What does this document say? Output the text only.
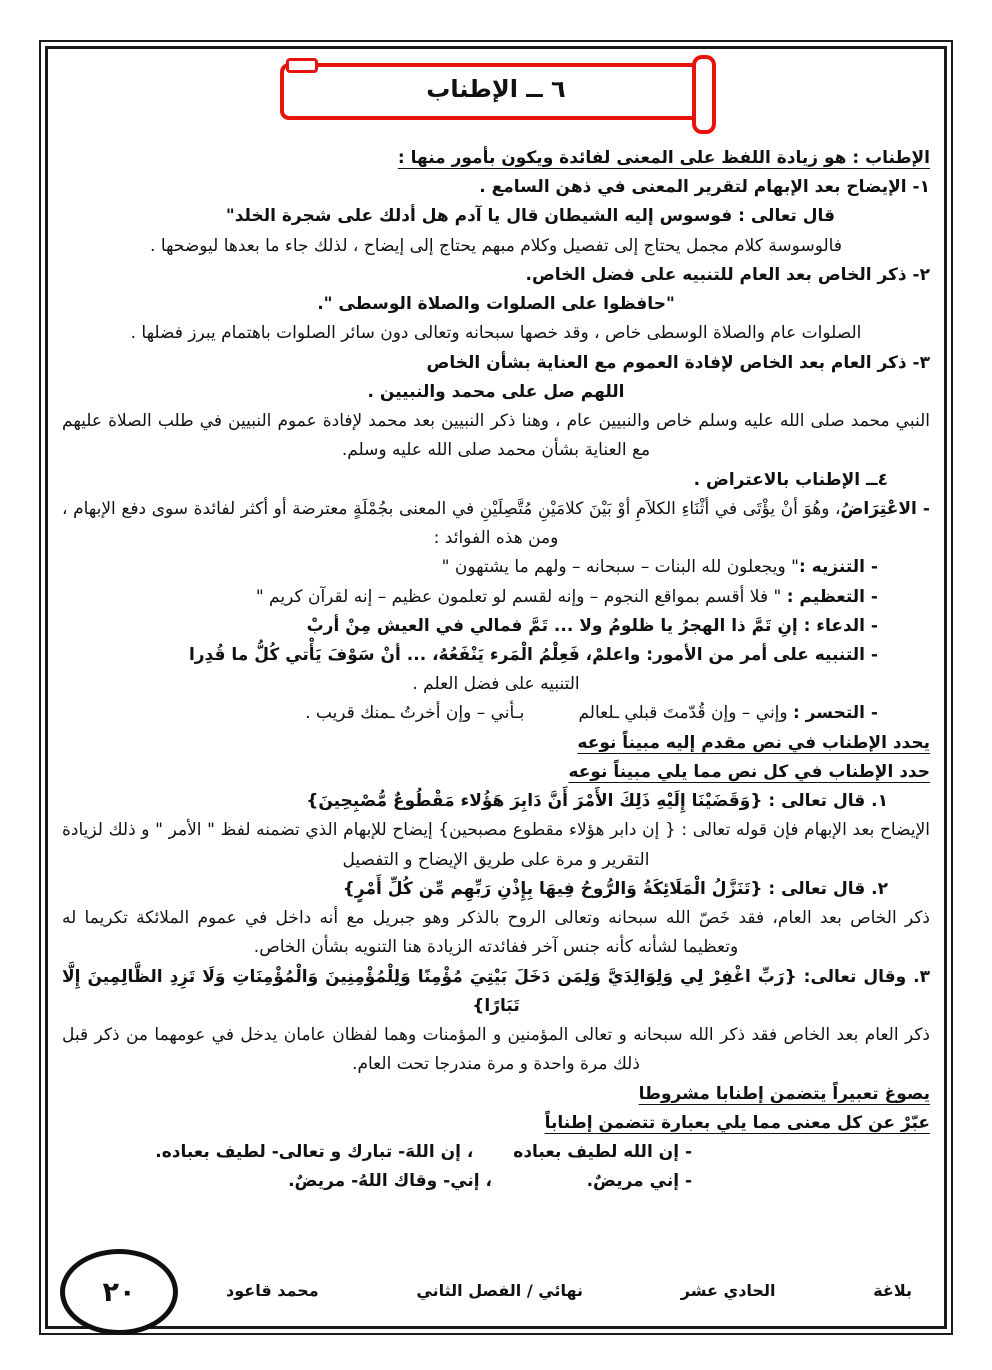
٦ ــ الإطناب
الإطناب : هو زيادة اللفظ على المعنى لفائدة ويكون بأمور منها :
١- الإيضاح بعد الإبهام لتقرير المعنى في ذهن السامع .
قال تعالى : فوسوس إليه الشيطان قال يا آدم هل أدلك على شجرة الخلد"
فالوسوسة كلام مجمل يحتاج إلى تفصيل وكلام مبهم يحتاج إلى إيضاح ، لذلك جاء ما بعدها ليوضحها .
٢- ذكر الخاص بعد العام للتنبيه على فضل الخاص.
"حافظوا على الصلوات والصلاة الوسطى ".
الصلوات عام والصلاة الوسطى خاص ، وقد خصها سبحانه وتعالى دون سائر الصلوات باهتمام يبرز فضلها .
٣- ذكر العام بعد الخاص لإفادة العموم مع العناية بشأن الخاص
اللهم صل على محمد والنبيين .
النبي محمد صلى الله عليه وسلم خاص والنبيين عام ، وهنا ذكر النبيين بعد محمد لإفادة عموم النبيين في طلب الصلاة عليهم مع العناية بشأن محمد صلى الله عليه وسلم.
٤ــ الإطناب بالاعتراض .
- الاعْتِرَاضُ، وهُوَ أنْ يؤْتَى في أثْنَاءِ الكلاَمِ أوْ بَيْنَ كلامَيْنِ مُتَّصِلَيْنِ في المعنى بجُمْلَةٍ معترضة أو أكثر لفائدة سوى دفع الإبهام ، ومن هذه الفوائد :
- التنزيه :" ويجعلون لله البنات – سبحانه – ولهم ما يشتهون "
- التعظيم : " فلا أقسم بمواقع النجوم – وإنه لقسم لو تعلمون عظيم – إنه لقرآن كريم "
- الدعاء : إنِ تَمَّ ذا الهجرُ يا ظلومُ ولا ... تَمَّ فمالي في العيش مِنْ أربْ
- التنبيه على أمر من الأمور: واعلمْ، فَعِلْمُ الْمَرء يَنْفَعُهُ، ... أنْ سَوْفَ يَأْتي كُلُّ ما قُدِرا
التنبيه على فضل العلم .
- التحسر : وإني – وإن قُدّمتَ قبلي ـلعالم          بـأني – وإن أخرتُ ـمنك قريب .
يحدد الإطناب في نص مقدم إليه مبيناً نوعه
حدد الإطناب في كل نص مما يلي مبيناً نوعه
١. قال تعالى : {وَقَضَيْنَا إِلَيْهِ ذَلِكَ الأَمْرَ أَنَّ دَابِرَ هَؤُلاء مَقْطُوعٌ مُّصْبِحِينَ}
الإيضاح بعد الإبهام فإن قوله تعالى : { إن دابر هؤلاء مقطوع مصبحين} إيضاح للإبهام الذي تضمنه لفظ " الأمر " و ذلك لزيادة التقرير و مرة على طريق الإيضاح و التفصيل
٢. قال تعالى : {تَنَزَّلُ الْمَلَائِكَةُ وَالرُّوحُ فِيهَا بِإِذْنِ رَبِّهِم مِّن كُلِّ أَمْرٍ}
ذكر الخاص بعد العام، فقد خَصّ الله سبحانه وتعالى الروح بالذكر وهو جبريل مع أنه داخل في عموم الملائكة تكريما له وتعظيما لشأنه كأنه جنس آخر ففائدته الزيادة هنا التنويه بشأن الخاص.
٣. وقال تعالى: {رَبِّ اغْفِرْ لِي وَلِوَالِدَيَّ وَلِمَن دَخَلَ بَيْتِيَ مُؤْمِنًا وَلِلْمُؤْمِنِينَ وَالْمُؤْمِنَاتِ وَلَا تَزِدِ الظَّالِمِينَ إِلَّا تَبَارًا}
ذكر العام بعد الخاص فقد ذكر الله سبحانه و تعالى المؤمنين و المؤمنات وهما لفظان عامان يدخل في عومهما من ذكر قبل ذلك مرة واحدة و مرة مندرجا تحت العام.
يصوغ تعبيراً يتضمن إطنابا مشروطا
عبّرْ عن كل معنى مما يلي بعبارة تتضمن إطناباً
- إن الله لطيف بعباده
، إن اللهَ- تبارك و تعالى- لطيف بعباده.
- إني مريضٌ.
، إني- وقاك اللهُ- مريضٌ.
بلاغة
الحادي عشر
نهائي / الفصل الثاني
محمد قاعود
٢٠
